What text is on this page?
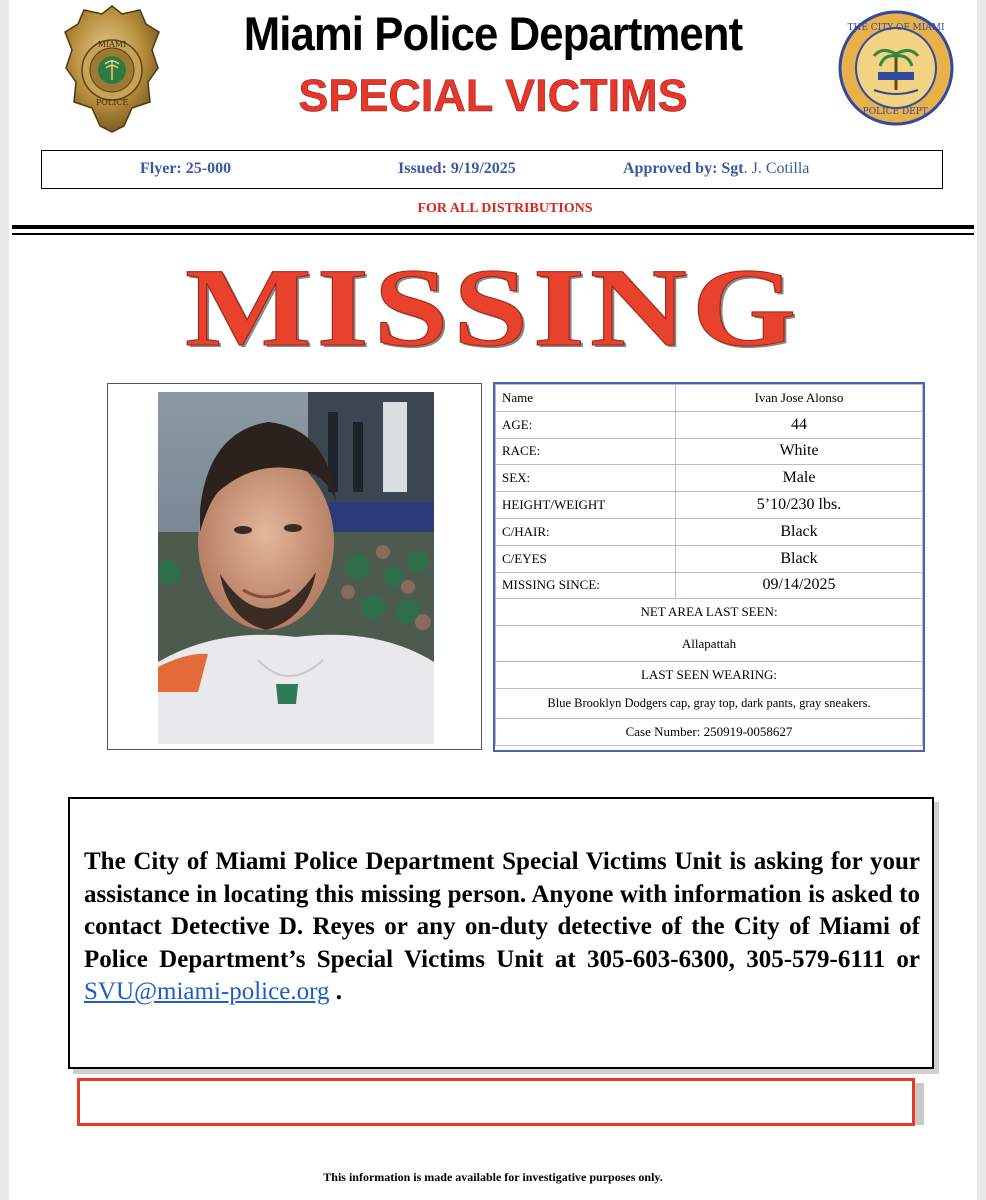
MIAMI
POLICE
THE CITY OF MIAMI
POLICE DEPT.
Miami Police Department
SPECIAL VICTIMS
Flyer: 25-000	Issued: 9/19/2025	Approved by: Sgt. J. Cotilla
FOR ALL DISTRIBUTIONS
MISSING
Name	Ivan Jose Alonso
AGE:	44
RACE:	White
SEX:	Male
HEIGHT/WEIGHT	5’10/230 lbs.
C/HAIR:	Black
C/EYES	Black
MISSING SINCE:	09/14/2025
NET AREA LAST SEEN:	
Allapattah	
LAST SEEN WEARING:	
Blue Brooklyn Dodgers cap, gray top, dark pants, gray sneakers.	
Case Number: 250919-0058627	

The City of Miami Police Department Special Victims Unit is asking for your assistance in locating this missing person. Anyone with information is asked to contact Detective D. Reyes or any on-duty detective of the City of Miami of Police Department’s Special Victims Unit at 305-603-6300, 305-579-6111 or SVU@miami-police.org .

This information is made available for investigative purposes only.
